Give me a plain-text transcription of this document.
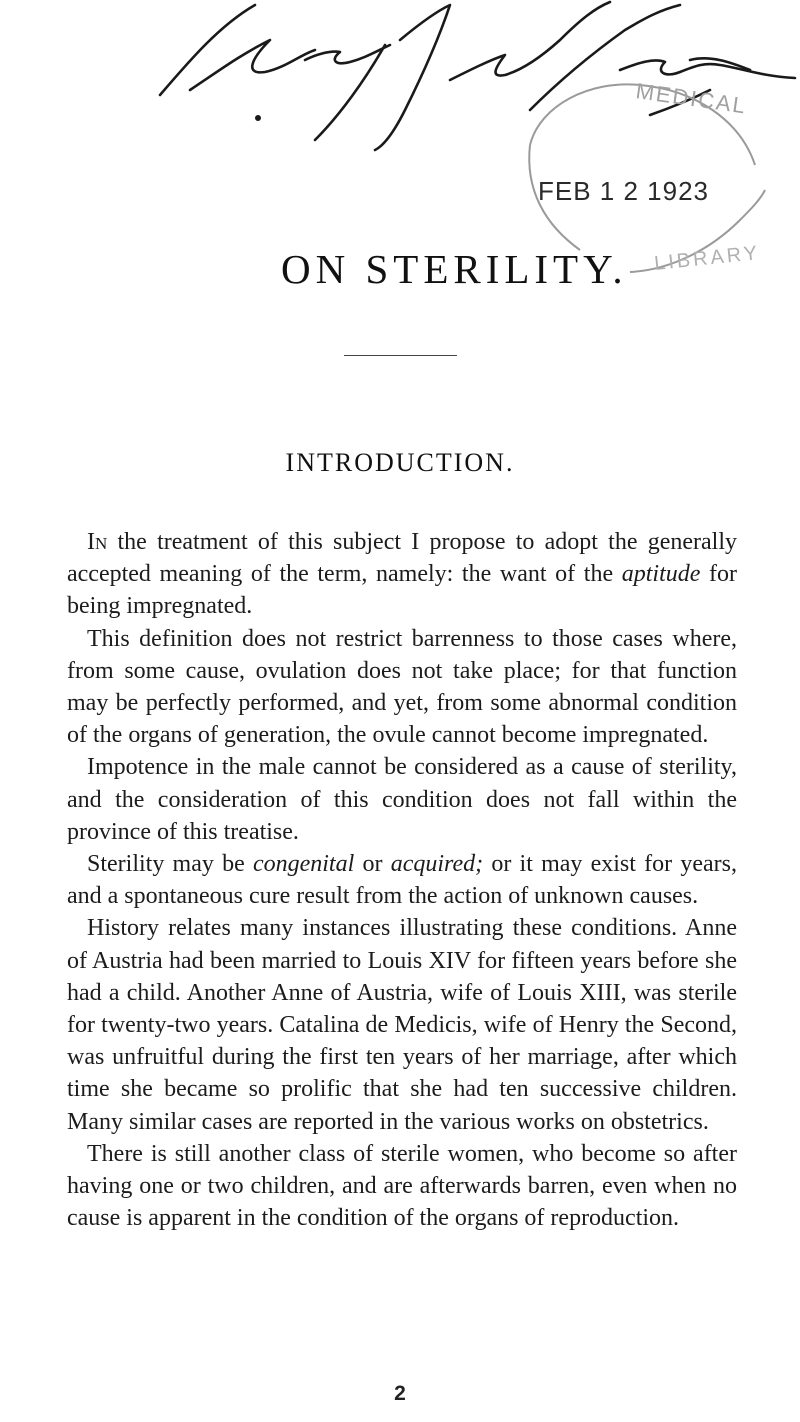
MEDICAL
LIBRARY
FEB 1 2 1923
ON STERILITY.
INTRODUCTION.

In the treatment of this subject I propose to adopt the generally accepted meaning of the term, namely: the want of the aptitude for being impregnated.

This definition does not restrict barrenness to those cases where, from some cause, ovulation does not take place; for that function may be perfectly performed, and yet, from some abnormal condition of the organs of generation, the ovule cannot become impregnated.

Impotence in the male cannot be considered as a cause of sterility, and the consideration of this condition does not fall within the province of this treatise.

Sterility may be congenital or acquired; or it may exist for years, and a spontaneous cure result from the action of unknown causes.

History relates many instances illustrating these conditions. Anne of Austria had been married to Louis XIV for fifteen years before she had a child. Another Anne of Austria, wife of Louis XIII, was sterile for twenty-two years. Catalina de Medicis, wife of Henry the Second, was unfruitful during the first ten years of her marriage, after which time she became so prolific that she had ten successive children. Many similar cases are reported in the various works on obstetrics.

There is still another class of sterile women, who become so after having one or two children, and are afterwards barren, even when no cause is apparent in the condition of the organs of reproduction.

2
